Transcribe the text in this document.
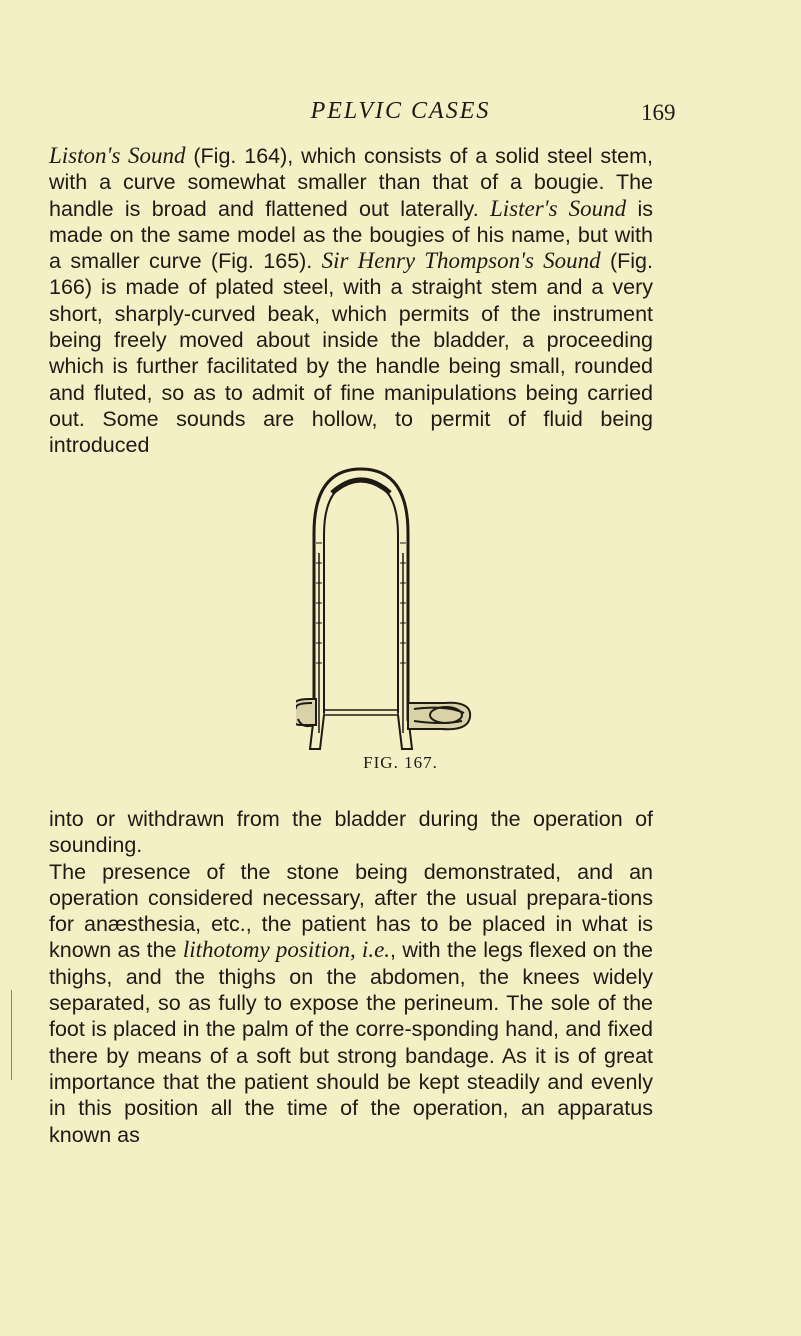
PELVIC CASES	169

Liston's Sound (Fig. 164), which consists of a solid steel stem, with a curve somewhat smaller than that of a bougie. The handle is broad and flattened out laterally. Lister's Sound is made on the same model as the bougies of his name, but with a smaller curve (Fig. 165). Sir Henry Thompson's Sound (Fig. 166) is made of plated steel, with a straight stem and a very short, sharply-curved beak, which permits of the instrument being freely moved about inside the bladder, a proceeding which is further facilitated by the handle being small, rounded and fluted, so as to admit of fine manipulations being carried out. Some sounds are hollow, to permit of fluid being introduced

FIG. 167.

into or withdrawn from the bladder during the operation of sounding.

The presence of the stone being demonstrated, and an operation considered necessary, after the usual prepara-tions for anæsthesia, etc., the patient has to be placed in what is known as the lithotomy position, i.e., with the legs flexed on the thighs, and the thighs on the abdomen, the knees widely separated, so as fully to expose the perineum. The sole of the foot is placed in the palm of the corre-sponding hand, and fixed there by means of a soft but strong bandage. As it is of great importance that the patient should be kept steadily and evenly in this position all the time of the operation, an apparatus known as
